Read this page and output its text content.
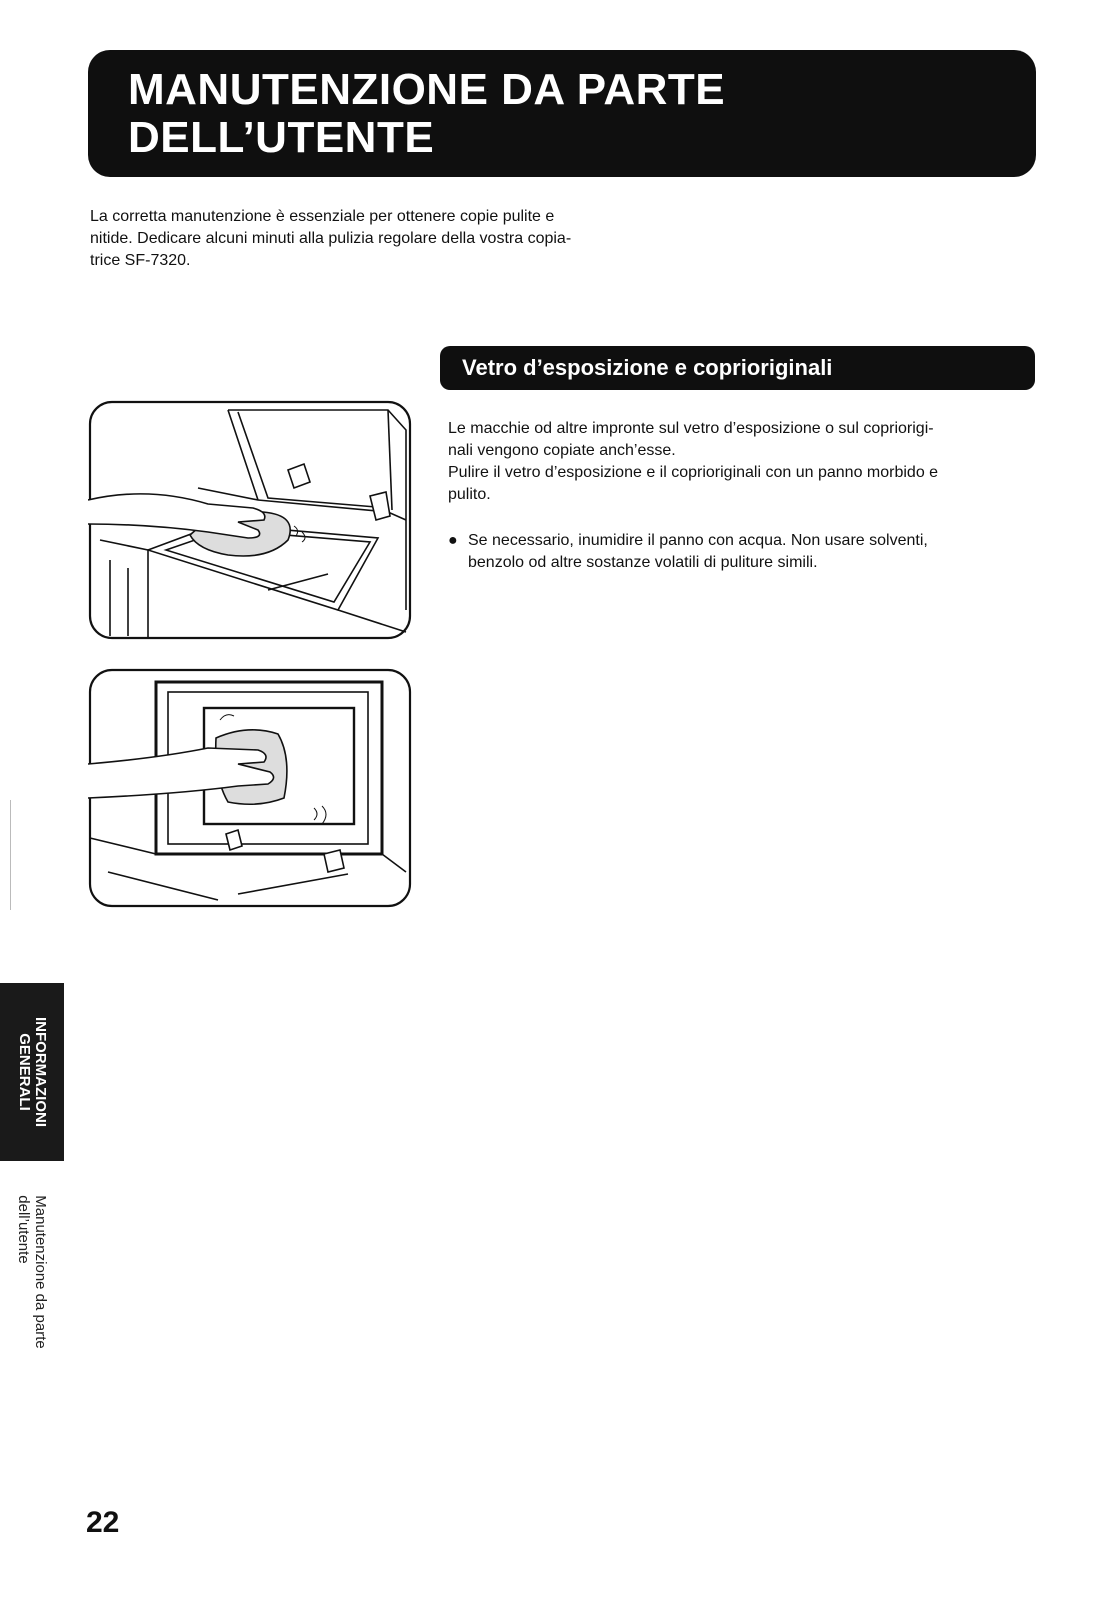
MANUTENZIONE DA PARTE
DELL’UTENTE
La corretta manutenzione è essenziale per ottenere copie pulite e
nitide. Dedicare alcuni minuti alla pulizia regolare della vostra copia-
trice SF-7320.
Vetro d’esposizione e coprioriginali
Le macchie od altre impronte sul vetro d’esposizione o sul copriorigi-
nali vengono copiate anch’esse.
Pulire il vetro d’esposizione e il coprioriginali con un panno morbido e
pulito.
● Se necessario, inumidire il panno con acqua. Non usare solventi,
benzolo od altre sostanze volatili di puliture simili.
INFORMAZIONI
GENERALI
Manutenzione da parte
dell’utente
22
